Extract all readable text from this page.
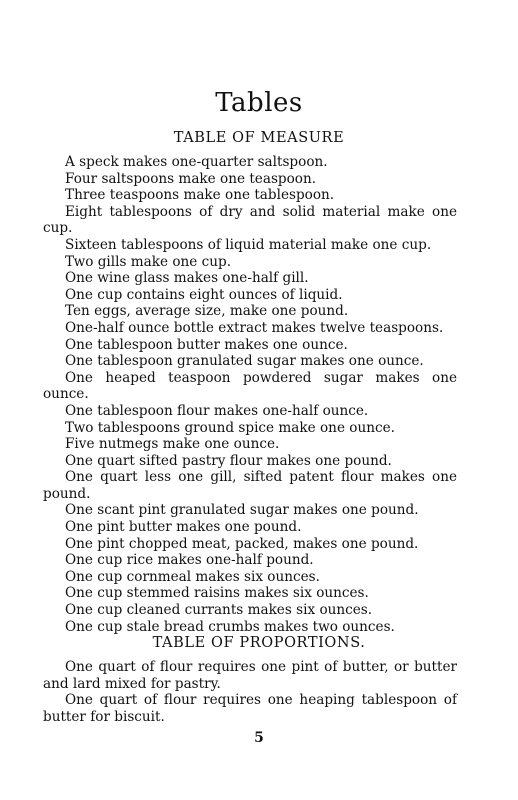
Tables
TABLE OF MEASURE

A speck makes one-quarter saltspoon.

Four saltspoons make one teaspoon.

Three teaspoons make one tablespoon.

Eight tablespoons of dry and solid material make one cup.

Sixteen tablespoons of liquid material make one cup.

Two gills make one cup.

One wine glass makes one-half gill.

One cup contains eight ounces of liquid.

Ten eggs, average size, make one pound.

One-half ounce bottle extract makes twelve teaspoons.

One tablespoon butter makes one ounce.

One tablespoon granulated sugar makes one ounce.

One heaped teaspoon powdered sugar makes one ounce.

One tablespoon flour makes one-half ounce.

Two tablespoons ground spice make one ounce.

Five nutmegs make one ounce.

One quart sifted pastry flour makes one pound.

One quart less one gill, sifted patent flour makes one pound.

One scant pint granulated sugar makes one pound.

One pint butter makes one pound.

One pint chopped meat, packed, makes one pound.

One cup rice makes one-half pound.

One cup cornmeal makes six ounces.

One cup stemmed raisins makes six ounces.

One cup cleaned currants makes six ounces.

One cup stale bread crumbs makes two ounces.

TABLE OF PROPORTIONS.

One quart of flour requires one pint of butter, or butter and lard mixed for pastry.

One quart of flour requires one heaping tablespoon of butter for biscuit.

5
